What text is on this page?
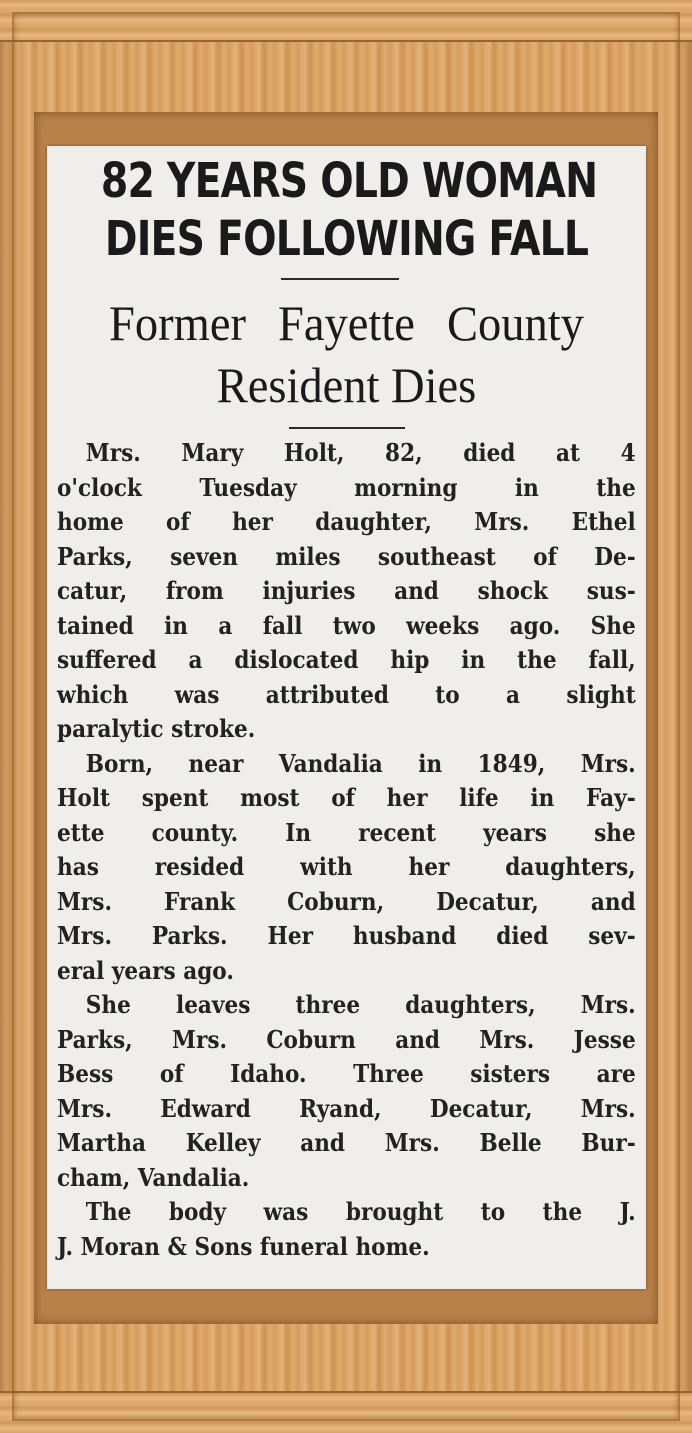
82 YEARS OLD WOMAN
DIES FOLLOWING FALL
Former Fayette County
Resident Dies
Mrs. Mary Holt, 82, died at 4
o'clock Tuesday morning in the
home of her daughter, Mrs. Ethel
Parks, seven miles southeast of De-
catur, from injuries and shock sus-
tained in a fall two weeks ago. She
suffered a dislocated hip in the fall,
which was attributed to a slight
paralytic stroke.
Born, near Vandalia in 1849, Mrs.
Holt spent most of her life in Fay-
ette county. In recent years she
has resided with her daughters,
Mrs. Frank Coburn, Decatur, and
Mrs. Parks. Her husband died sev-
eral years ago.
She leaves three daughters, Mrs.
Parks, Mrs. Coburn and Mrs. Jesse
Bess of Idaho. Three sisters are
Mrs. Edward Ryand, Decatur, Mrs.
Martha Kelley and Mrs. Belle Bur-
cham, Vandalia.
The body was brought to the J.
J. Moran & Sons funeral home.
